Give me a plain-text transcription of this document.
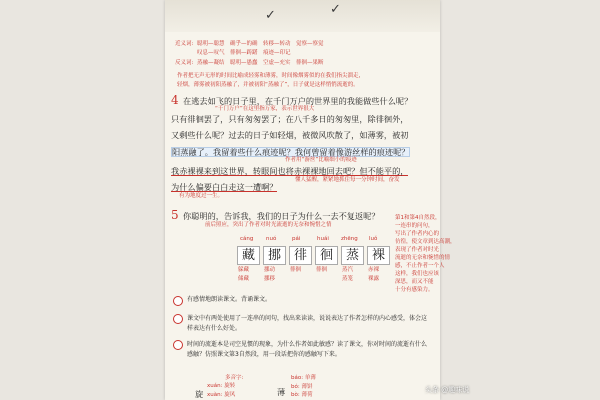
✓	✓
近义词: 聪明—聪慧　确乎—的确　转移—转动　觉察—察觉
叹息—叹气　徘徊—踌躇　痕迹—印记
反义词: 蒸融—凝结　聪明—愚蠢　空虚—充实　徘徊—果断
作者把无声无形的时间比喻成轻雾和薄雾，时间像烟雾似的在我们指尖溜走，
轻烟，薄雾被初阳蒸融了，并被初阳“蒸融了”，日子就是这样悄悄流逝的。
4 在逃去如飞的日子里，在千门万户的世界里的我能做些什么呢？
“千门万户”在这里指万家，表示世界很大
只有徘徊罢了，只有匆匆罢了；在八千多日的匆匆里，除徘徊外，
又剩些什么呢？过去的日子如轻烟，被微风吹散了，如薄雾，被初
阳蒸融了。我留着些什么痕迹呢？我何曾留着像游丝样的痕迹呢？
作者用“游丝”比喻细小的痕迹
我赤裸裸来到这世界，转眼间也将赤裸裸地回去吧？但不能平的，
懂人猛醒，紧紧地抓住每一分钟时间，奋发
为什么偏要白白走这一遭啊？
有为地度过一生。
5 你聪明的，告诉我，我们的日子为什么一去不复返呢？
前后照应，突出了作者对时光流逝的无奈和惋惜之情
cáng
藏
躲藏
储藏
nuó
挪
挪动
挪移
pái
徘
徘徊
huái
徊
徘徊
zhēng
蒸
蒸汽
蒸笼
luǒ
裸
赤裸
裸露
第1和第4自然段，
一连串的问句，
写出了作者内心的
彷徨，使文章到达高潮，
表现了作者对时光
流逝的无奈和惋惜的情
感，不止作者一个人
这样，我们也应该
深思，而又不能
十分有感染力。
有感情地朗读课文。背诵课文。
课文中有两处使用了一连串的问句，找出来读读，说说表达了作者怎样的内心感受，体会这样表达有什么好处。
时间的流逝本是司空见惯的现象，为什么作者如此敏感？读了课文，你对时间的流逝有什么感触？仿照课文第3自然段，用一段话把你的感触写下来。
多音字:
旋
xuán: 旋转
xuàn: 旋风	薄
báo: 单薄
bó: 薄饼
bò: 薄荷
头条 @趣味说
